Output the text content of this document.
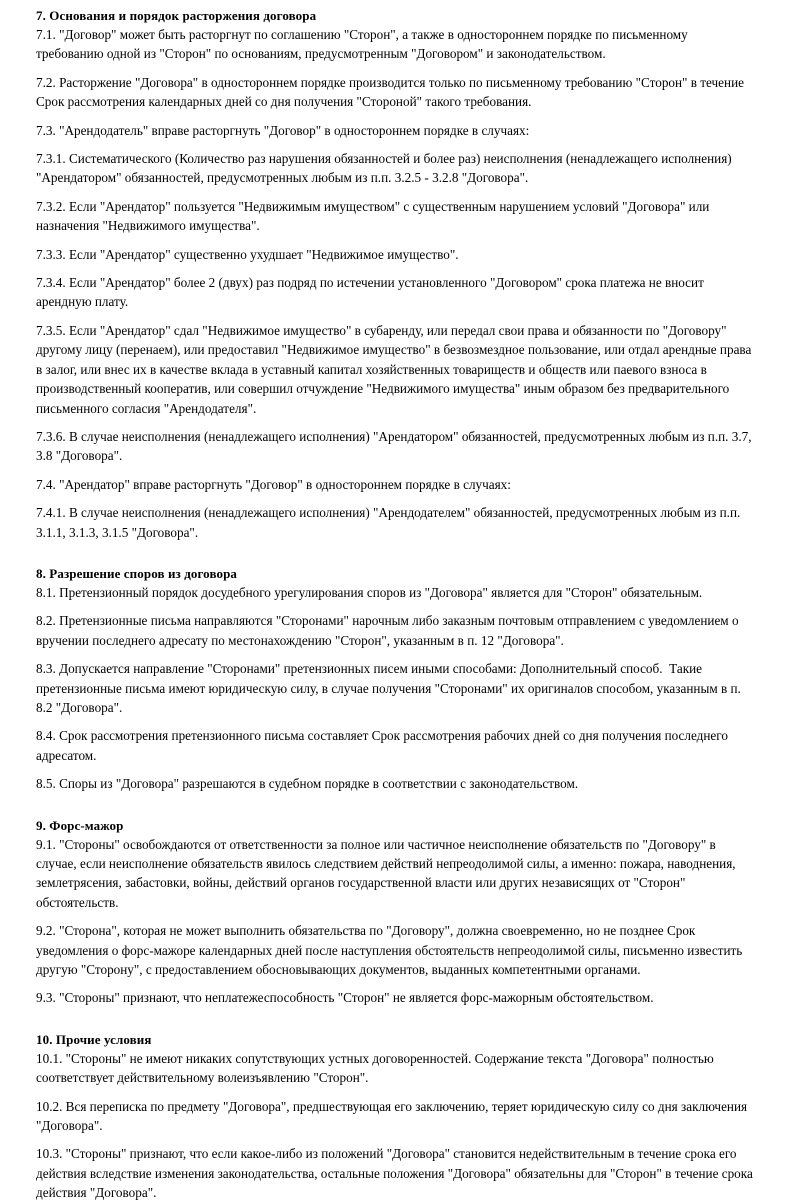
7. Основания и порядок расторжения договора

7.1. "Договор" может быть расторгнут по соглашению "Сторон", а также в одностороннем порядке по письменному требованию одной из "Сторон" по основаниям, предусмотренным "Договором" и законодательством.

7.2. Расторжение "Договора" в одностороннем порядке производится только по письменному требованию "Сторон" в течение Срок рассмотрения календарных дней со дня получения "Стороной" такого требования.

7.3. "Арендодатель" вправе расторгнуть "Договор" в одностороннем порядке в случаях:

7.3.1. Систематического (Количество раз нарушения обязанностей и более раз) неисполнения (ненадлежащего исполнения) "Арендатором" обязанностей, предусмотренных любым из п.п. 3.2.5 - 3.2.8 "Договора".

7.3.2. Если "Арендатор" пользуется "Недвижимым имуществом" с существенным нарушением условий "Договора" или назначения "Недвижимого имущества".

7.3.3. Если "Арендатор" существенно ухудшает "Недвижимое имущество".

7.3.4. Если "Арендатор" более 2 (двух) раз подряд по истечении установленного "Договором" срока платежа не вносит арендную плату.

7.3.5. Если "Арендатор" сдал "Недвижимое имущество" в субаренду, или передал свои права и обязанности по "Договору" другому лицу (перенаем), или предоставил "Недвижимое имущество" в безвозмездное пользование, или отдал арендные права в залог, или внес их в качестве вклада в уставный капитал хозяйственных товариществ и обществ или паевого взноса в производственный кооператив, или совершил отчуждение "Недвижимого имущества" иным образом без предварительного письменного согласия "Арендодателя".

7.3.6. В случае неисполнения (ненадлежащего исполнения) "Арендатором" обязанностей, предусмотренных любым из п.п. 3.7, 3.8 "Договора".

7.4. "Арендатор" вправе расторгнуть "Договор" в одностороннем порядке в случаях:

7.4.1. В случае неисполнения (ненадлежащего исполнения) "Арендодателем" обязанностей, предусмотренных любым из п.п. 3.1.1, 3.1.3, 3.1.5 "Договора".

8. Разрешение споров из договора

8.1. Претензионный порядок досудебного урегулирования споров из "Договора" является для "Сторон" обязательным.

8.2. Претензионные письма направляются "Сторонами" нарочным либо заказным почтовым отправлением с уведомлением о вручении последнего адресату по местонахождению "Сторон", указанным в п. 12 "Договора".

8.3. Допускается направление "Сторонами" претензионных писем иными способами: Дополнительный способ.  Такие претензионные письма имеют юридическую силу, в случае получения "Сторонами" их оригиналов способом, указанным в п. 8.2 "Договора".

8.4. Срок рассмотрения претензионного письма составляет Срок рассмотрения рабочих дней со дня получения последнего адресатом.

8.5. Споры из "Договора" разрешаются в судебном порядке в соответствии с законодательством.

9. Форс-мажор

9.1. "Стороны" освобождаются от ответственности за полное или частичное неисполнение обязательств по "Договору" в случае, если неисполнение обязательств явилось следствием действий непреодолимой силы, а именно: пожара, наводнения, землетрясения, забастовки, войны, действий органов государственной власти или других независящих от "Сторон" обстоятельств.

9.2. "Сторона", которая не может выполнить обязательства по "Договору", должна своевременно, но не позднее Срок уведомления о форс-мажоре календарных дней после наступления обстоятельств непреодолимой силы, письменно известить другую "Сторону", с предоставлением обосновывающих документов, выданных компетентными органами.

9.3. "Стороны" признают, что неплатежеспособность "Сторон" не является форс-мажорным обстоятельством.

10. Прочие условия

10.1. "Стороны" не имеют никаких сопутствующих устных договоренностей. Содержание текста "Договора" полностью соответствует действительному волеизъявлению "Сторон".

10.2. Вся переписка по предмету "Договора", предшествующая его заключению, теряет юридическую силу со дня заключения "Договора".

10.3. "Стороны" признают, что если какое-либо из положений "Договора" становится недействительным в течение срока его действия вследствие изменения законодательства, остальные положения "Договора" обязательны для "Сторон" в течение срока действия "Договора".
